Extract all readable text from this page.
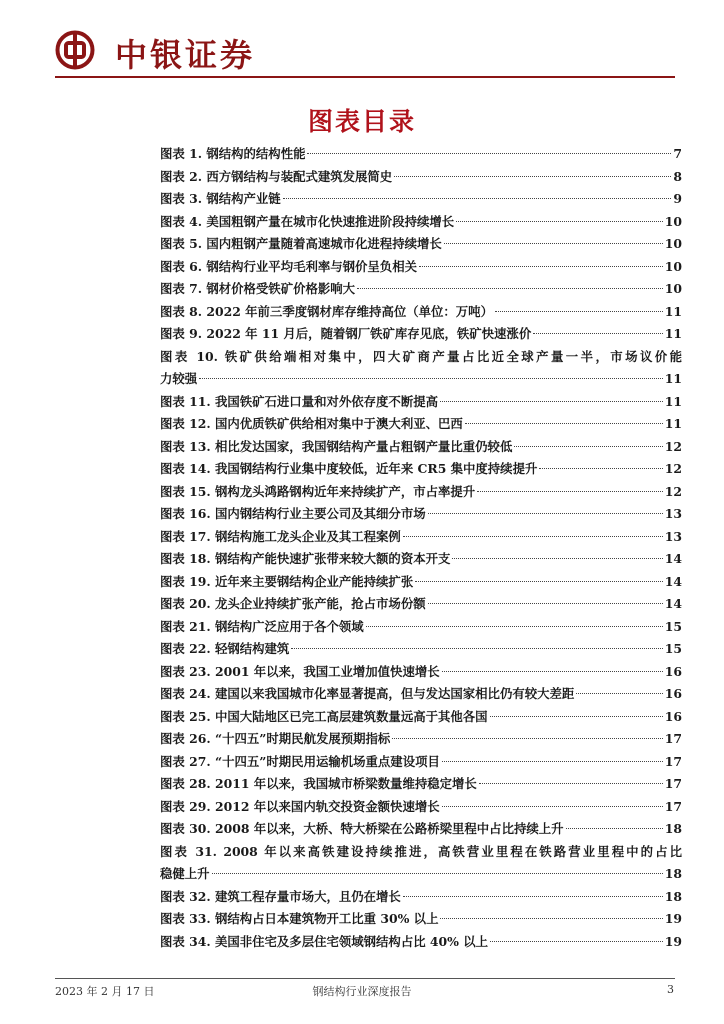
中银证券
图表目录
图表 1. 钢结构的结构性能	7
图表 2. 西方钢结构与装配式建筑发展简史	8
图表 3. 钢结构产业链	9
图表 4. 美国粗钢产量在城市化快速推进阶段持续增长	10
图表 5. 国内粗钢产量随着高速城市化进程持续增长	10
图表 6. 钢结构行业平均毛利率与钢价呈负相关	10
图表 7. 钢材价格受铁矿价格影响大	10
图表 8. 2022 年前三季度钢材库存维持高位（单位：万吨）	11
图表 9. 2022 年 11 月后，随着钢厂铁矿库存见底，铁矿快速涨价	11
图表 10. 铁矿供给端相对集中，四大矿商产量占比近全球产量一半，市场议价能
力较强	11
图表 11. 我国铁矿石进口量和对外依存度不断提高	11
图表 12. 国内优质铁矿供给相对集中于澳大利亚、巴西	11
图表 13. 相比发达国家，我国钢结构产量占粗钢产量比重仍较低	12
图表 14. 我国钢结构行业集中度较低，近年来 CR5 集中度持续提升	12
图表 15. 钢构龙头鸿路钢构近年来持续扩产，市占率提升	12
图表 16. 国内钢结构行业主要公司及其细分市场	13
图表 17. 钢结构施工龙头企业及其工程案例	13
图表 18. 钢结构产能快速扩张带来较大额的资本开支	14
图表 19. 近年来主要钢结构企业产能持续扩张	14
图表 20. 龙头企业持续扩张产能，抢占市场份额	14
图表 21. 钢结构广泛应用于各个领域	15
图表 22. 轻钢结构建筑	15
图表 23. 2001 年以来，我国工业增加值快速增长	16
图表 24. 建国以来我国城市化率显著提高，但与发达国家相比仍有较大差距	16
图表 25. 中国大陆地区已完工高层建筑数量远高于其他各国	16
图表 26. “十四五”时期民航发展预期指标	17
图表 27. “十四五”时期民用运输机场重点建设项目	17
图表 28. 2011 年以来，我国城市桥梁数量维持稳定增长	17
图表 29. 2012 年以来国内轨交投资金额快速增长	17
图表 30. 2008 年以来，大桥、特大桥梁在公路桥梁里程中占比持续上升	18
图表 31. 2008 年以来高铁建设持续推进，高铁营业里程在铁路营业里程中的占比
稳健上升	18
图表 32. 建筑工程存量市场大，且仍在增长	18
图表 33. 钢结构占日本建筑物开工比重 30% 以上	19
图表 34. 美国非住宅及多层住宅领域钢结构占比 40% 以上	19
2023 年 2 月 17 日	钢结构行业深度报告	3
